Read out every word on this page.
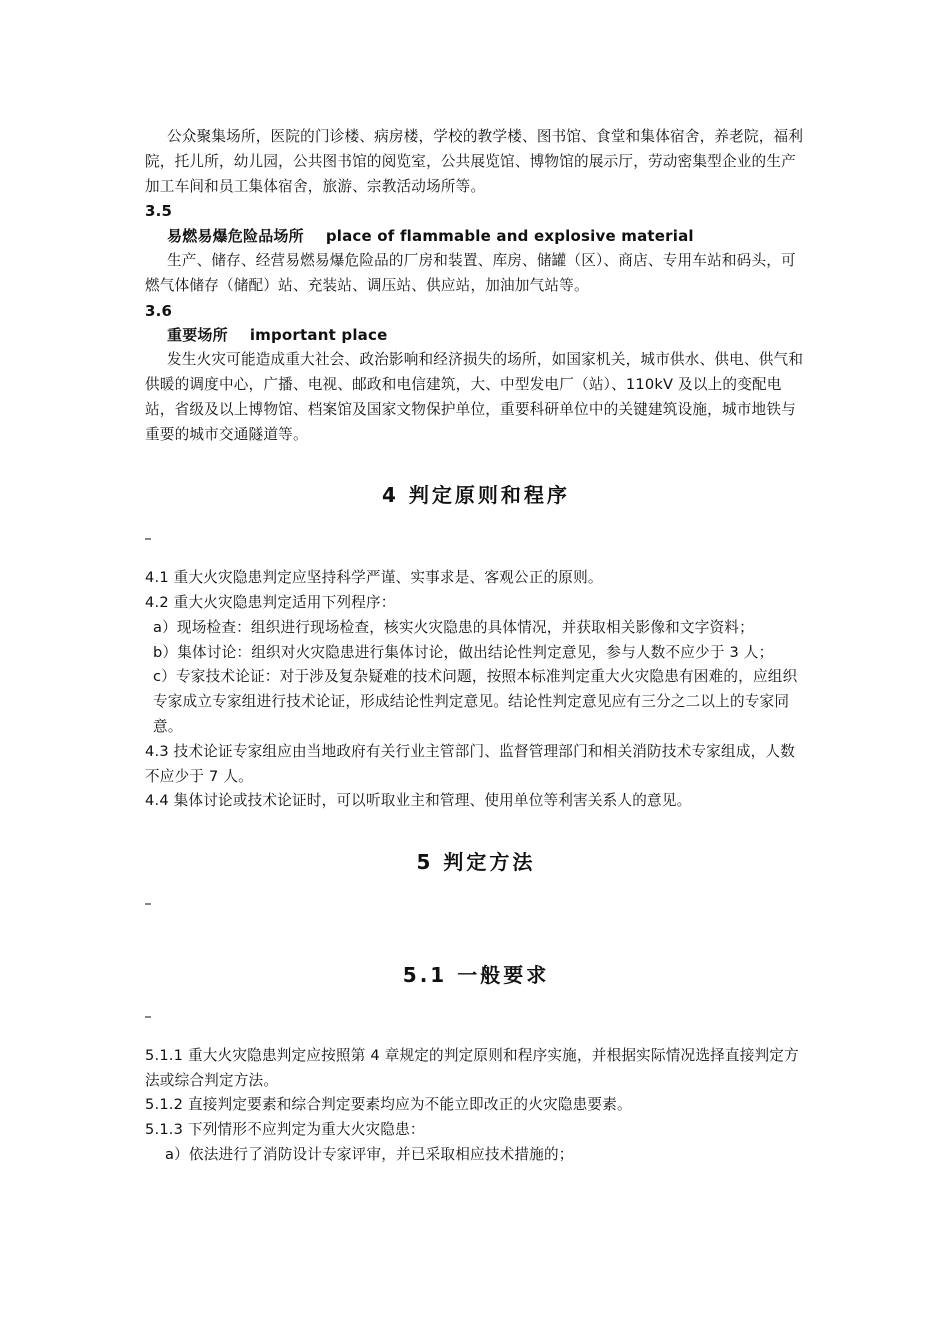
公众聚集场所，医院的门诊楼、病房楼，学校的教学楼、图书馆、食堂和集体宿舍，养老院，福利院，托儿所，幼儿园，公共图书馆的阅览室，公共展览馆、博物馆的展示厅，劳动密集型企业的生产加工车间和员工集体宿舍，旅游、宗教活动场所等。

3.5

易燃易爆危险品场所 place of flammable and explosive material

生产、储存、经营易燃易爆危险品的厂房和装置、库房、储罐（区）、商店、专用车站和码头，可燃气体储存（储配）站、充装站、调压站、供应站，加油加气站等。

3.6

重要场所 important place

发生火灾可能造成重大社会、政治影响和经济损失的场所，如国家机关，城市供水、供电、供气和供暖的调度中心，广播、电视、邮政和电信建筑，大、中型发电厂（站）、110kV 及以上的变配电站，省级及以上博物馆、档案馆及国家文物保护单位，重要科研单位中的关键建筑设施，城市地铁与重要的城市交通隧道等。

4 判定原则和程序

4.1 重大火灾隐患判定应坚持科学严谨、实事求是、客观公正的原则。

4.2 重大火灾隐患判定适用下列程序：

a）现场检查：组织进行现场检查，核实火灾隐患的具体情况，并获取相关影像和文字资料；

b）集体讨论：组织对火灾隐患进行集体讨论，做出结论性判定意见，参与人数不应少于 3 人；

c）专家技术论证：对于涉及复杂疑难的技术问题，按照本标准判定重大火灾隐患有困难的，应组织专家成立专家组进行技术论证，形成结论性判定意见。结论性判定意见应有三分之二以上的专家同意。

4.3 技术论证专家组应由当地政府有关行业主管部门、监督管理部门和相关消防技术专家组成，人数不应少于 7 人。

4.4 集体讨论或技术论证时，可以听取业主和管理、使用单位等利害关系人的意见。

5 判定方法

5.1 一般要求

5.1.1 重大火灾隐患判定应按照第 4 章规定的判定原则和程序实施，并根据实际情况选择直接判定方法或综合判定方法。

5.1.2 直接判定要素和综合判定要素均应为不能立即改正的火灾隐患要素。

5.1.3 下列情形不应判定为重大火灾隐患：

a）依法进行了消防设计专家评审，并已采取相应技术措施的；
